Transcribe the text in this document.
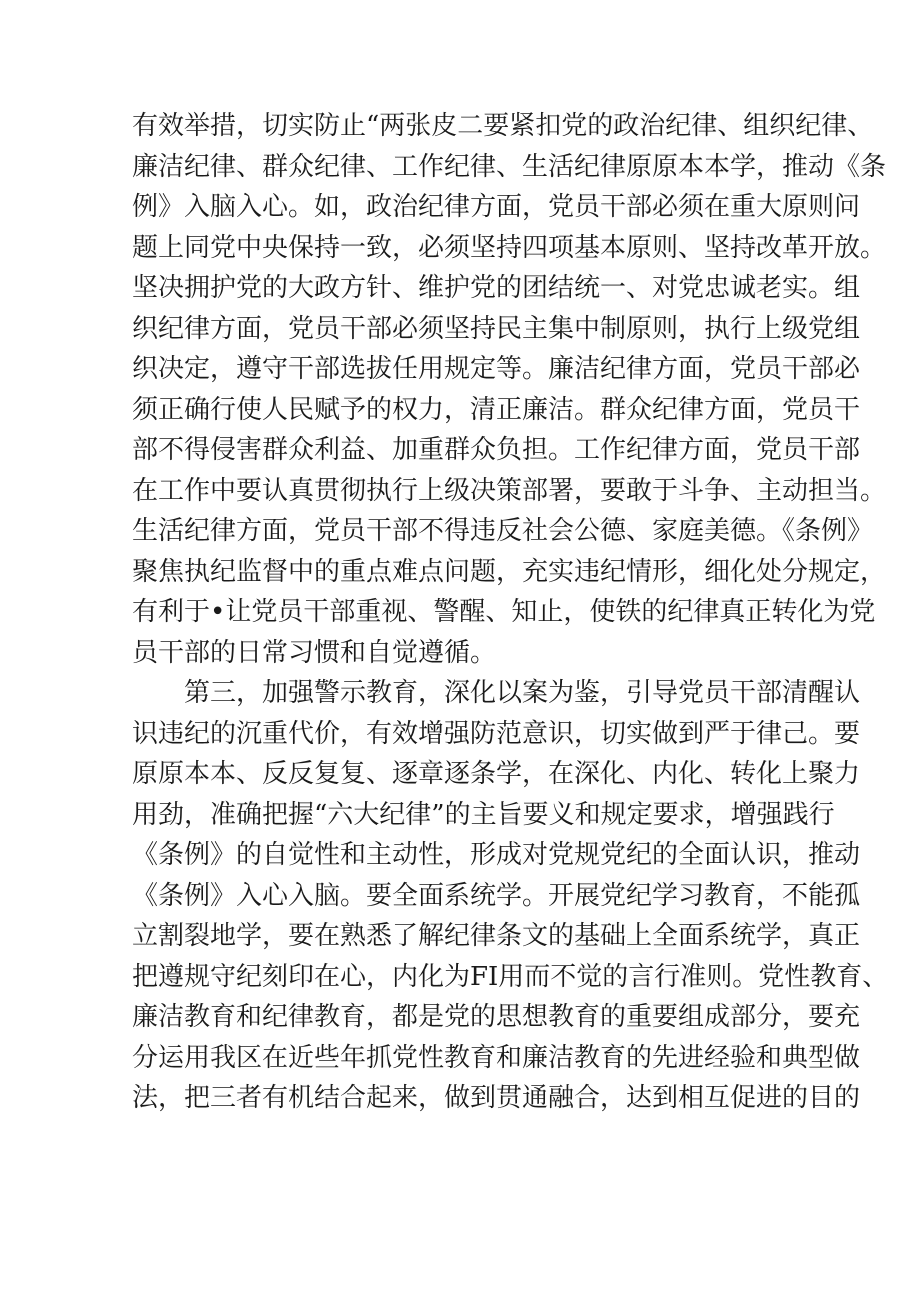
有效举措，切实防止“两张皮二要紧扣党的政治纪律、组织纪律、
廉洁纪律、群众纪律、工作纪律、生活纪律原原本本学，推动《条
例》入脑入心。如，政治纪律方面，党员干部必须在重大原则问
题上同党中央保持一致，必须坚持四项基本原则、坚持改革开放。
坚决拥护党的大政方针、维护党的团结统一、对党忠诚老实。组
织纪律方面，党员干部必须坚持民主集中制原则，执行上级党组
织决定，遵守干部选拔任用规定等。廉洁纪律方面，党员干部必
须正确行使人民赋予的权力，清正廉洁。群众纪律方面，党员干
部不得侵害群众利益、加重群众负担。工作纪律方面，党员干部
在工作中要认真贯彻执行上级决策部署，要敢于斗争、主动担当。
生活纪律方面，党员干部不得违反社会公德、家庭美德。《条例》
聚焦执纪监督中的重点难点问题，充实违纪情形，细化处分规定，
有利于•让党员干部重视、警醒、知止，使铁的纪律真正转化为党
员干部的日常习惯和自觉遵循。
第三，加强警示教育，深化以案为鉴，引导党员干部清醒认
识违纪的沉重代价，有效增强防范意识，切实做到严于律己。要
原原本本、反反复复、逐章逐条学，在深化、内化、转化上聚力
用劲，准确把握“六大纪律”的主旨要义和规定要求，增强践行
《条例》的自觉性和主动性，形成对党规党纪的全面认识，推动
《条例》入心入脑。要全面系统学。开展党纪学习教育，不能孤
立割裂地学，要在熟悉了解纪律条文的基础上全面系统学，真正
把遵规守纪刻印在心，内化为FI用而不觉的言行准则。党性教育、
廉洁教育和纪律教育，都是党的思想教育的重要组成部分，要充
分运用我区在近些年抓党性教育和廉洁教育的先进经验和典型做
法，把三者有机结合起来，做到贯通融合，达到相互促进的目的
